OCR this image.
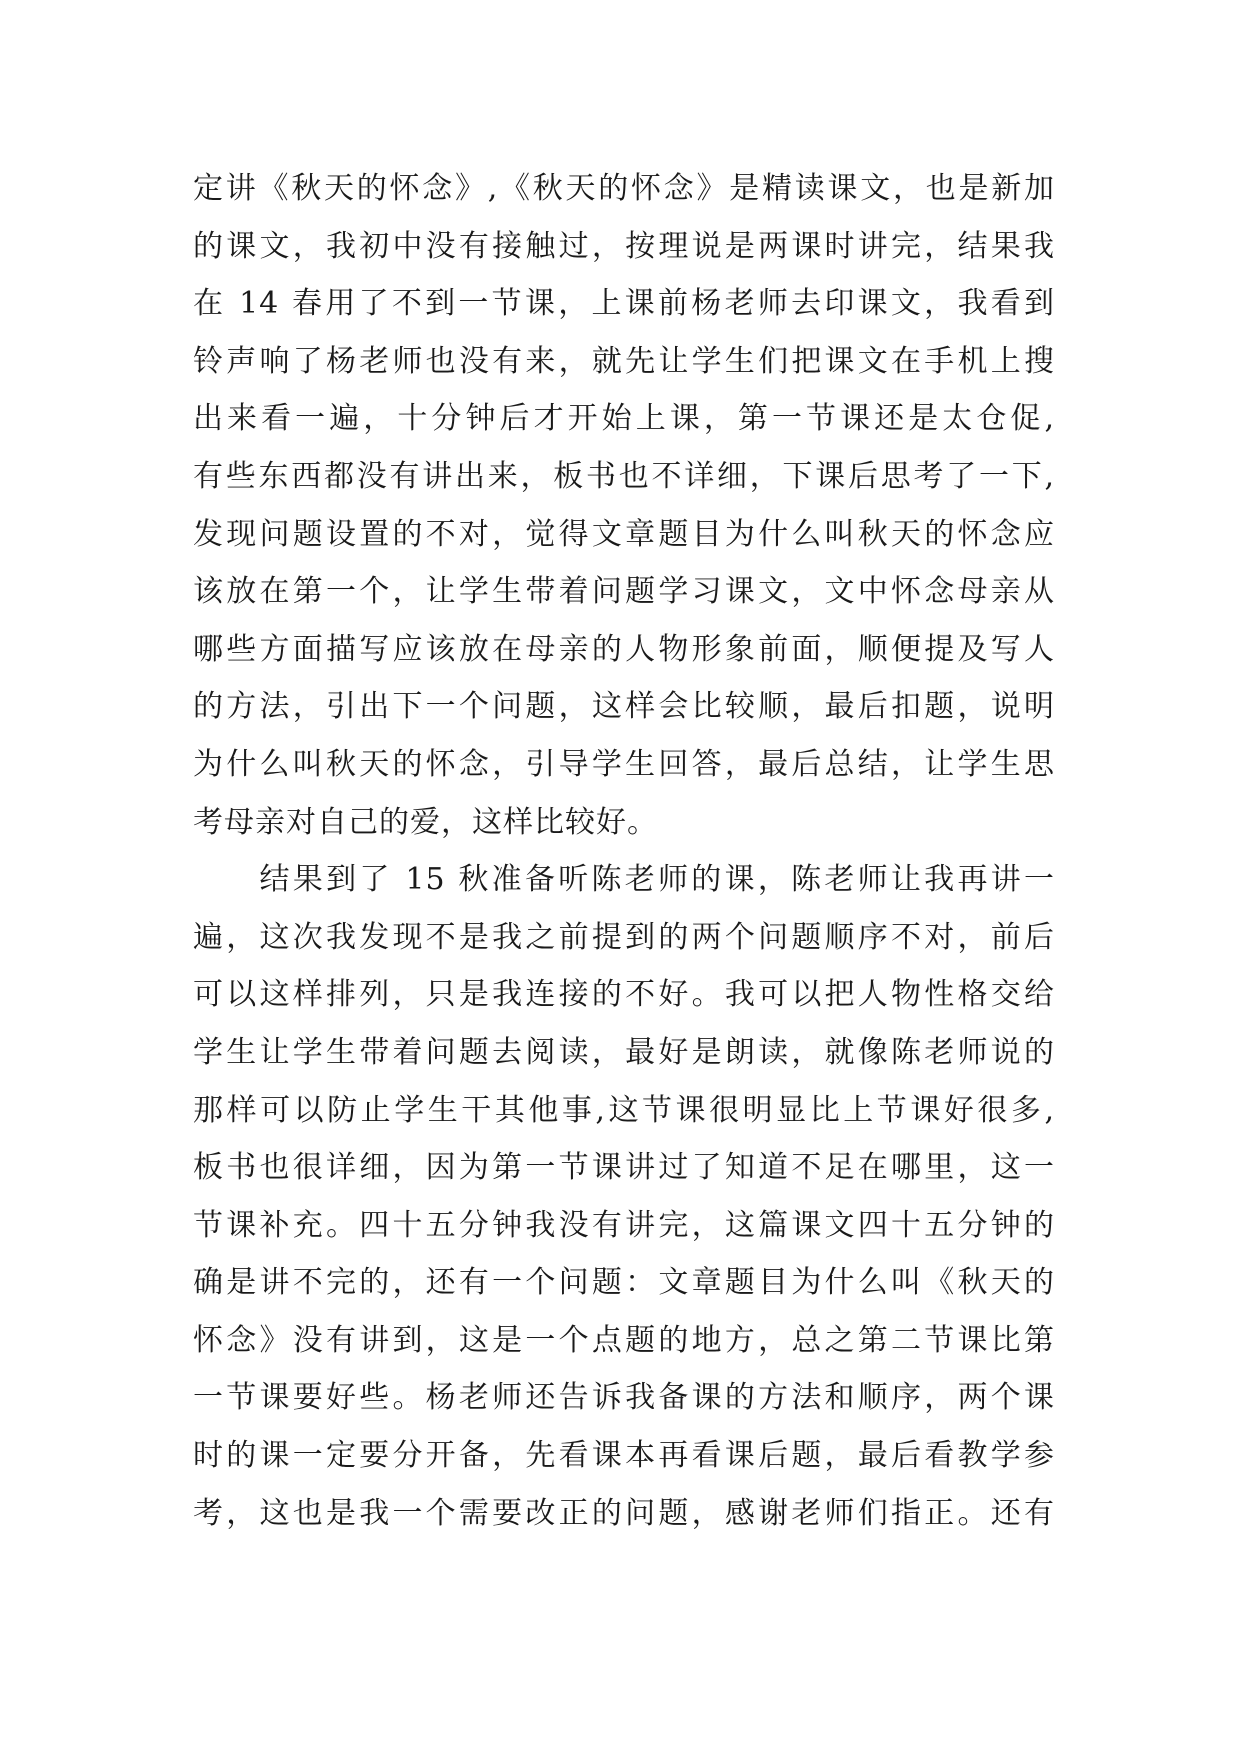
定讲《秋天的怀念》,《秋天的怀念》是精读课文，也是新加
的课文，我初中没有接触过，按理说是两课时讲完，结果我
在 14 春用了不到一节课，上课前杨老师去印课文，我看到
铃声响了杨老师也没有来，就先让学生们把课文在手机上搜
出来看一遍，十分钟后才开始上课，第一节课还是太仓促,
有些东西都没有讲出来，板书也不详细，下课后思考了一下,
发现问题设置的不对，觉得文章题目为什么叫秋天的怀念应
该放在第一个，让学生带着问题学习课文，文中怀念母亲从
哪些方面描写应该放在母亲的人物形象前面，顺便提及写人
的方法，引出下一个问题，这样会比较顺，最后扣题，说明
为什么叫秋天的怀念，引导学生回答，最后总结，让学生思
考母亲对自己的爱，这样比较好。
　　结果到了 15 秋准备听陈老师的课，陈老师让我再讲一
遍，这次我发现不是我之前提到的两个问题顺序不对，前后
可以这样排列，只是我连接的不好。我可以把人物性格交给
学生让学生带着问题去阅读，最好是朗读，就像陈老师说的
那样可以防止学生干其他事,这节课很明显比上节课好很多,
板书也很详细，因为第一节课讲过了知道不足在哪里，这一
节课补充。四十五分钟我没有讲完，这篇课文四十五分钟的
确是讲不完的，还有一个问题：文章题目为什么叫《秋天的
怀念》没有讲到，这是一个点题的地方，总之第二节课比第
一节课要好些。杨老师还告诉我备课的方法和顺序，两个课
时的课一定要分开备，先看课本再看课后题，最后看教学参
考，这也是我一个需要改正的问题，感谢老师们指正。还有
